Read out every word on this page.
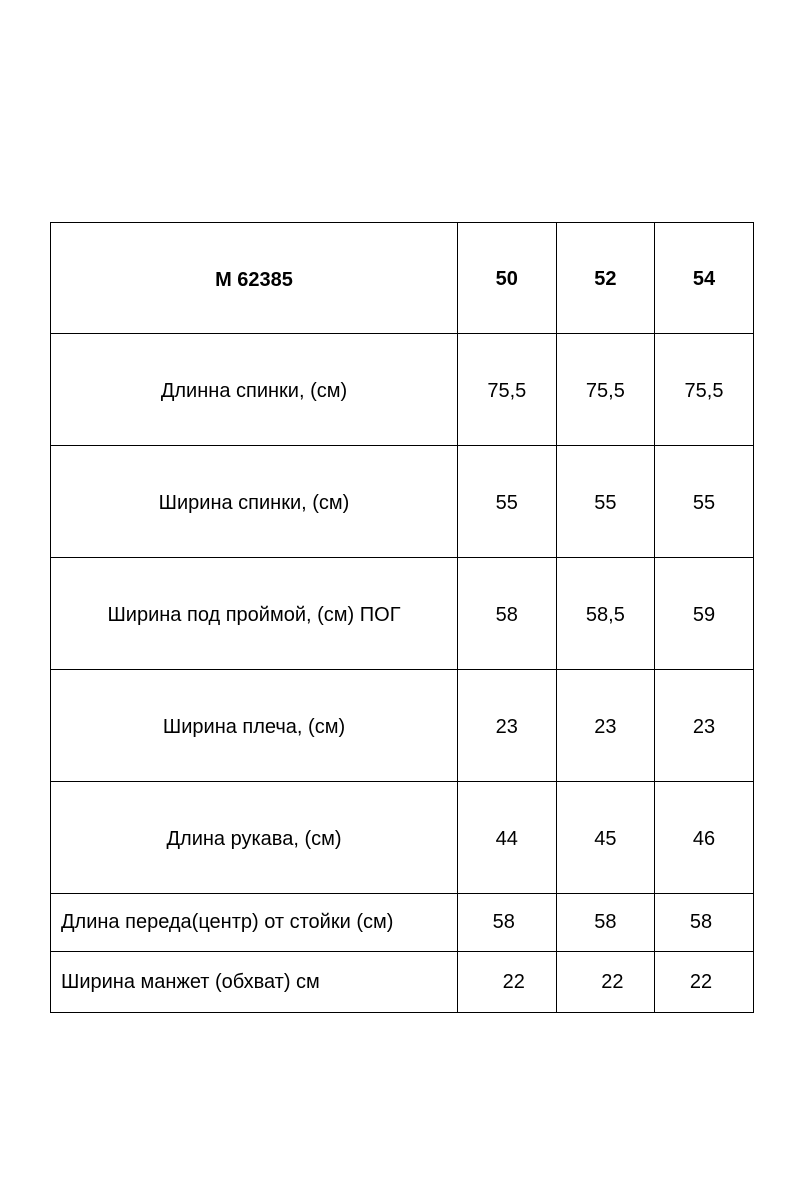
М 62385	50	52	54
Длинна спинки, (см)	75,5	75,5	75,5
Ширина спинки, (см)	55	55	55
Ширина под проймой, (см) ПОГ	58	58,5	59
Ширина плеча, (см)	23	23	23
Длина рукава, (см)	44	45	46
Длина переда(центр) от стойки (см)	58	58	58
Ширина манжет (обхват) см	22	22	22
